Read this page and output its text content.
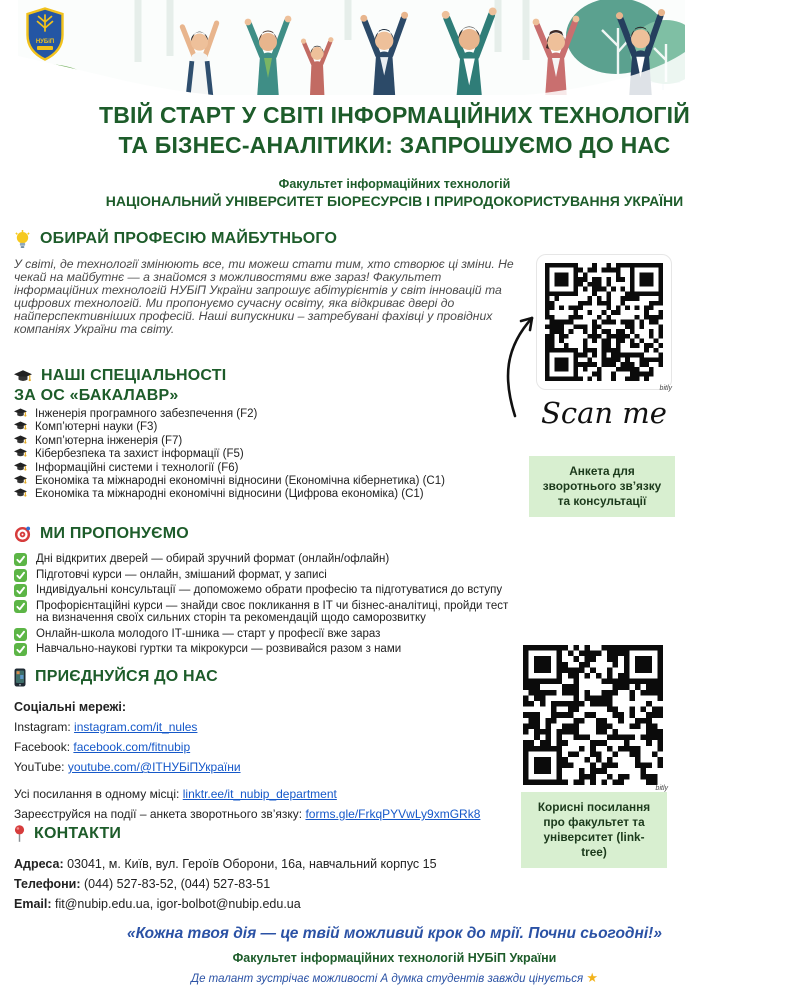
НУБіП
ТВІЙ СТАРТ У СВІТІ ІНФОРМАЦІЙНИХ ТЕХНОЛОГІЙ
ТА БІЗНЕС-АНАЛІТИКИ: ЗАПРОШУЄМО ДО НАС
Факультет інформаційних технологій
НАЦІОНАЛЬНИЙ УНІВЕРСИТЕТ БІОРЕСУРСІВ І ПРИРОДОКОРИСТУВАННЯ УКРАЇНИ
ОБИРАЙ ПРОФЕСІЮ МАЙБУТНЬОГО
У світі, де технології змінюють все, ти можеш стати тим, хто створює ці зміни. Не чекай на майбутнє — а знайомся з можливостями вже зараз! Факультет інформаційних технологій НУБіП України запрошує абітурієнтів у світ інновацій та цифрових технологій. Ми пропонуємо сучасну освіту, яка відкриває двері до найперспективніших професій. Наші випускники – затребувані фахівці у провідних компаніях України та світу.
НАШІ СПЕЦІАЛЬНОСТІ
ЗА ОС «БАКАЛАВР»
Інженерія програмного забезпечення (F2)
Комп’ютерні науки (F3)
Комп’ютерна інженерія (F7)
Кібербезпека та захист інформації (F5)
Інформаційні системи і технології (F6)
Економіка та міжнародні економічні відносини (Економічна кібернетика) (C1)
Економіка та міжнародні економічні відносини (Цифрова економіка) (C1)
МИ ПРОПОНУЄМО
Дні відкритих дверей — обирай зручний формат (онлайн/офлайн)
Підготовчі курси — онлайн, змішаний формат, у записі
Індивідуальні консультації — допоможемо обрати професію та підготуватися до вступу
Профорієнтаційні курси — знайди своє покликання в ІТ чи бізнес-аналітиці, пройди тест на визначення своїх сильних сторін та рекомендацій щодо саморозвитку
Онлайн-школа молодого ІТ-шника — старт у професії вже зараз
Навчально-наукові гуртки та мікрокурси — розвивайся разом з нами
ПРИЄДНУЙСЯ ДО НАС
Соціальні мережі:
Instagram: instagram.com/it_nules
Facebook: facebook.com/fitnubip
YouTube: youtube.com/@ІТНУБіПУкраїни
Усі посилання в одному місці: linktr.ee/it_nubip_department
Зареєструйся на події – анкета зворотнього зв’язку: forms.gle/FrkqPYVwLy9xmGRk8
КОНТАКТИ
Адреса: 03041, м. Київ, вул. Героїв Оборони, 16а, навчальний корпус 15
Телефони: (044) 527-83-52, (044) 527-83-51
Email: fit@nubip.edu.ua, igor-bolbot@nubip.edu.ua
«Кожна твоя дія — це твій можливий крок до мрії. Почни сьогодні!»
Факультет інформаційних технологій НУБіП України
Де талант зустрічає можливості А думка студентів завжди цінується ★
bitly
Scan me
Анкета для зворотнього зв’язку та консультації
bitly
Корисні посилання про факультет та університет (link-tree)
